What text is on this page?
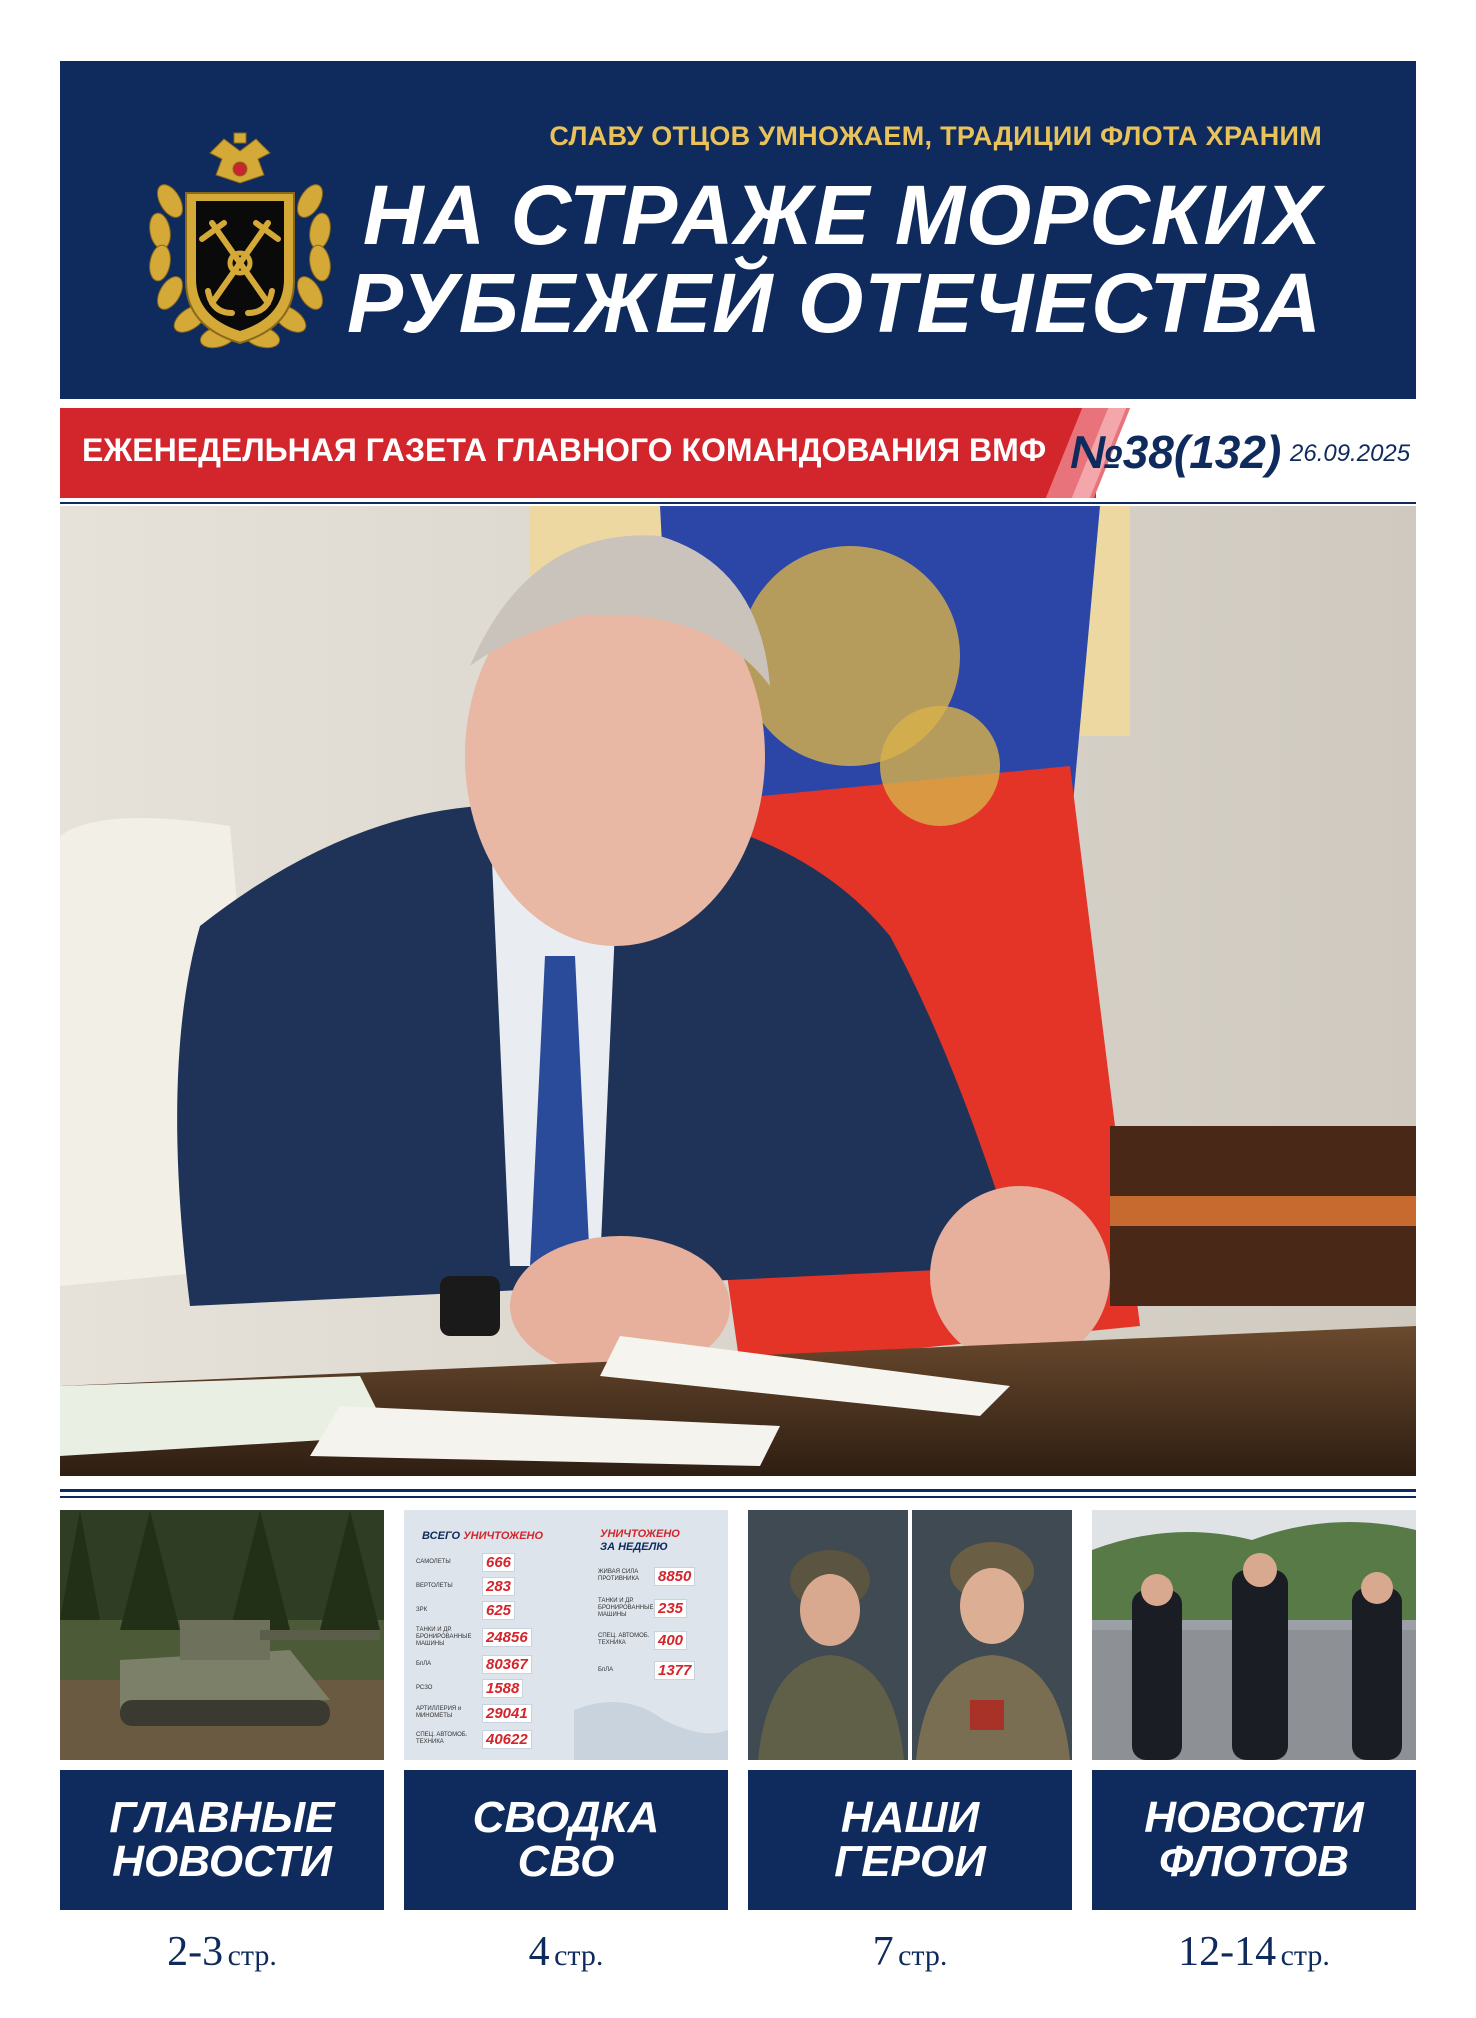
СЛАВУ ОТЦОВ УМНОЖАЕМ, ТРАДИЦИИ ФЛОТА ХРАНИМ
НА СТРАЖЕ МОРСКИХ
РУБЕЖЕЙ ОТЕЧЕСТВА
ЕЖЕНЕДЕЛЬНАЯ ГАЗЕТА ГЛАВНОГО КОМАНДОВАНИЯ ВМФ №38(132) 26.09.2025
ВСЕГО УНИЧТОЖЕНО	УНИЧТОЖЕНО
ЗА НЕДЕЛЮ
САМОЛЕТЫ	666
ВЕРТОЛЕТЫ	283
ЗРК	625
ТАНКИ И ДР. БРОНИРОВАННЫЕ МАШИНЫ	24856
БпЛА	80367
РСЗО	1588
АРТИЛЛЕРИЯ и МИНОМЕТЫ	29041
СПЕЦ. АВТОМОБ. ТЕХНИКА	40622
ЖИВАЯ СИЛА ПРОТИВНИКА	8850
ТАНКИ И ДР. БРОНИРОВАННЫЕ МАШИНЫ	235
СПЕЦ. АВТОМОБ. ТЕХНИКА	400
БпЛА	1377
ГЛАВНЫЕ
НОВОСТИ
СВОДКА
СВО
НАШИ
ГЕРОИ
НОВОСТИ
ФЛОТОВ
2-3 стр.	4 стр.	7 стр.	12-14 стр.
